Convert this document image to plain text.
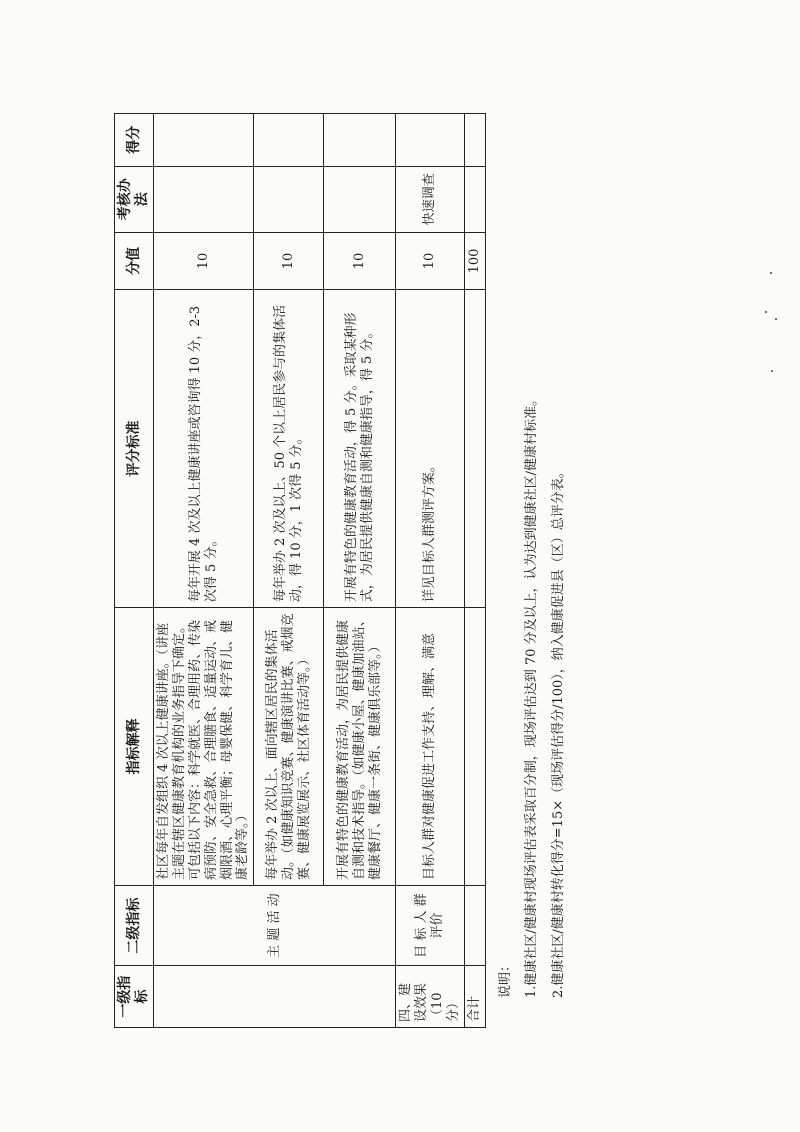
一级指标	二级指标	指标解释	评分标准	分值	考核办法	得分
	主 题 活 动	社区每年自发组织 4 次以上健康讲座。（讲座主题在辖区健康教育机构的业务指导下确定。可包括以下内容：科学就医、合理用药、传染病预防、安全急救、合理膳食、适量运动、戒烟限酒、心理平衡；母婴保健、科学育儿、健康老龄等。）	每年开展 4 次及以上健康讲座或咨询得 10 分，2-3 次得 5 分。	10		
		每年举办 2 次以上、面向辖区居民的集体活动。（如健康知识竞赛、健康演讲比赛、戒烟竞赛、健康展览展示、社区体育活动等。）	每年举办 2 次及以上、50 个以上居民参与的集体活动，得 10 分，1 次得 5 分。	10		
		开展有特色的健康教育活动，为居民提供健康自测和技术指导。（如健康小屋、健康加油站、健康餐厅、健康一条街、健康俱乐部等。）	开展有特色的健康教育活动，得 5 分。采取某种形式，为居民提供健康自测和健康指导，得 5 分。	10		
四、建设效果（10 分）	目 标 人 群评价	目标人群对健康促进工作支持、理解、满意	详见目标人群测评方案。	10	快速调查	
合计				100		
说明： 1.健康社区/健康村现场评估表采取百分制，现场评估达到 70 分及以上，认为达到健康社区/健康村标准。 2.健康社区/健康村转化得分=15×（现场评估得分/100），纳入健康促进县（区）总评分表。
